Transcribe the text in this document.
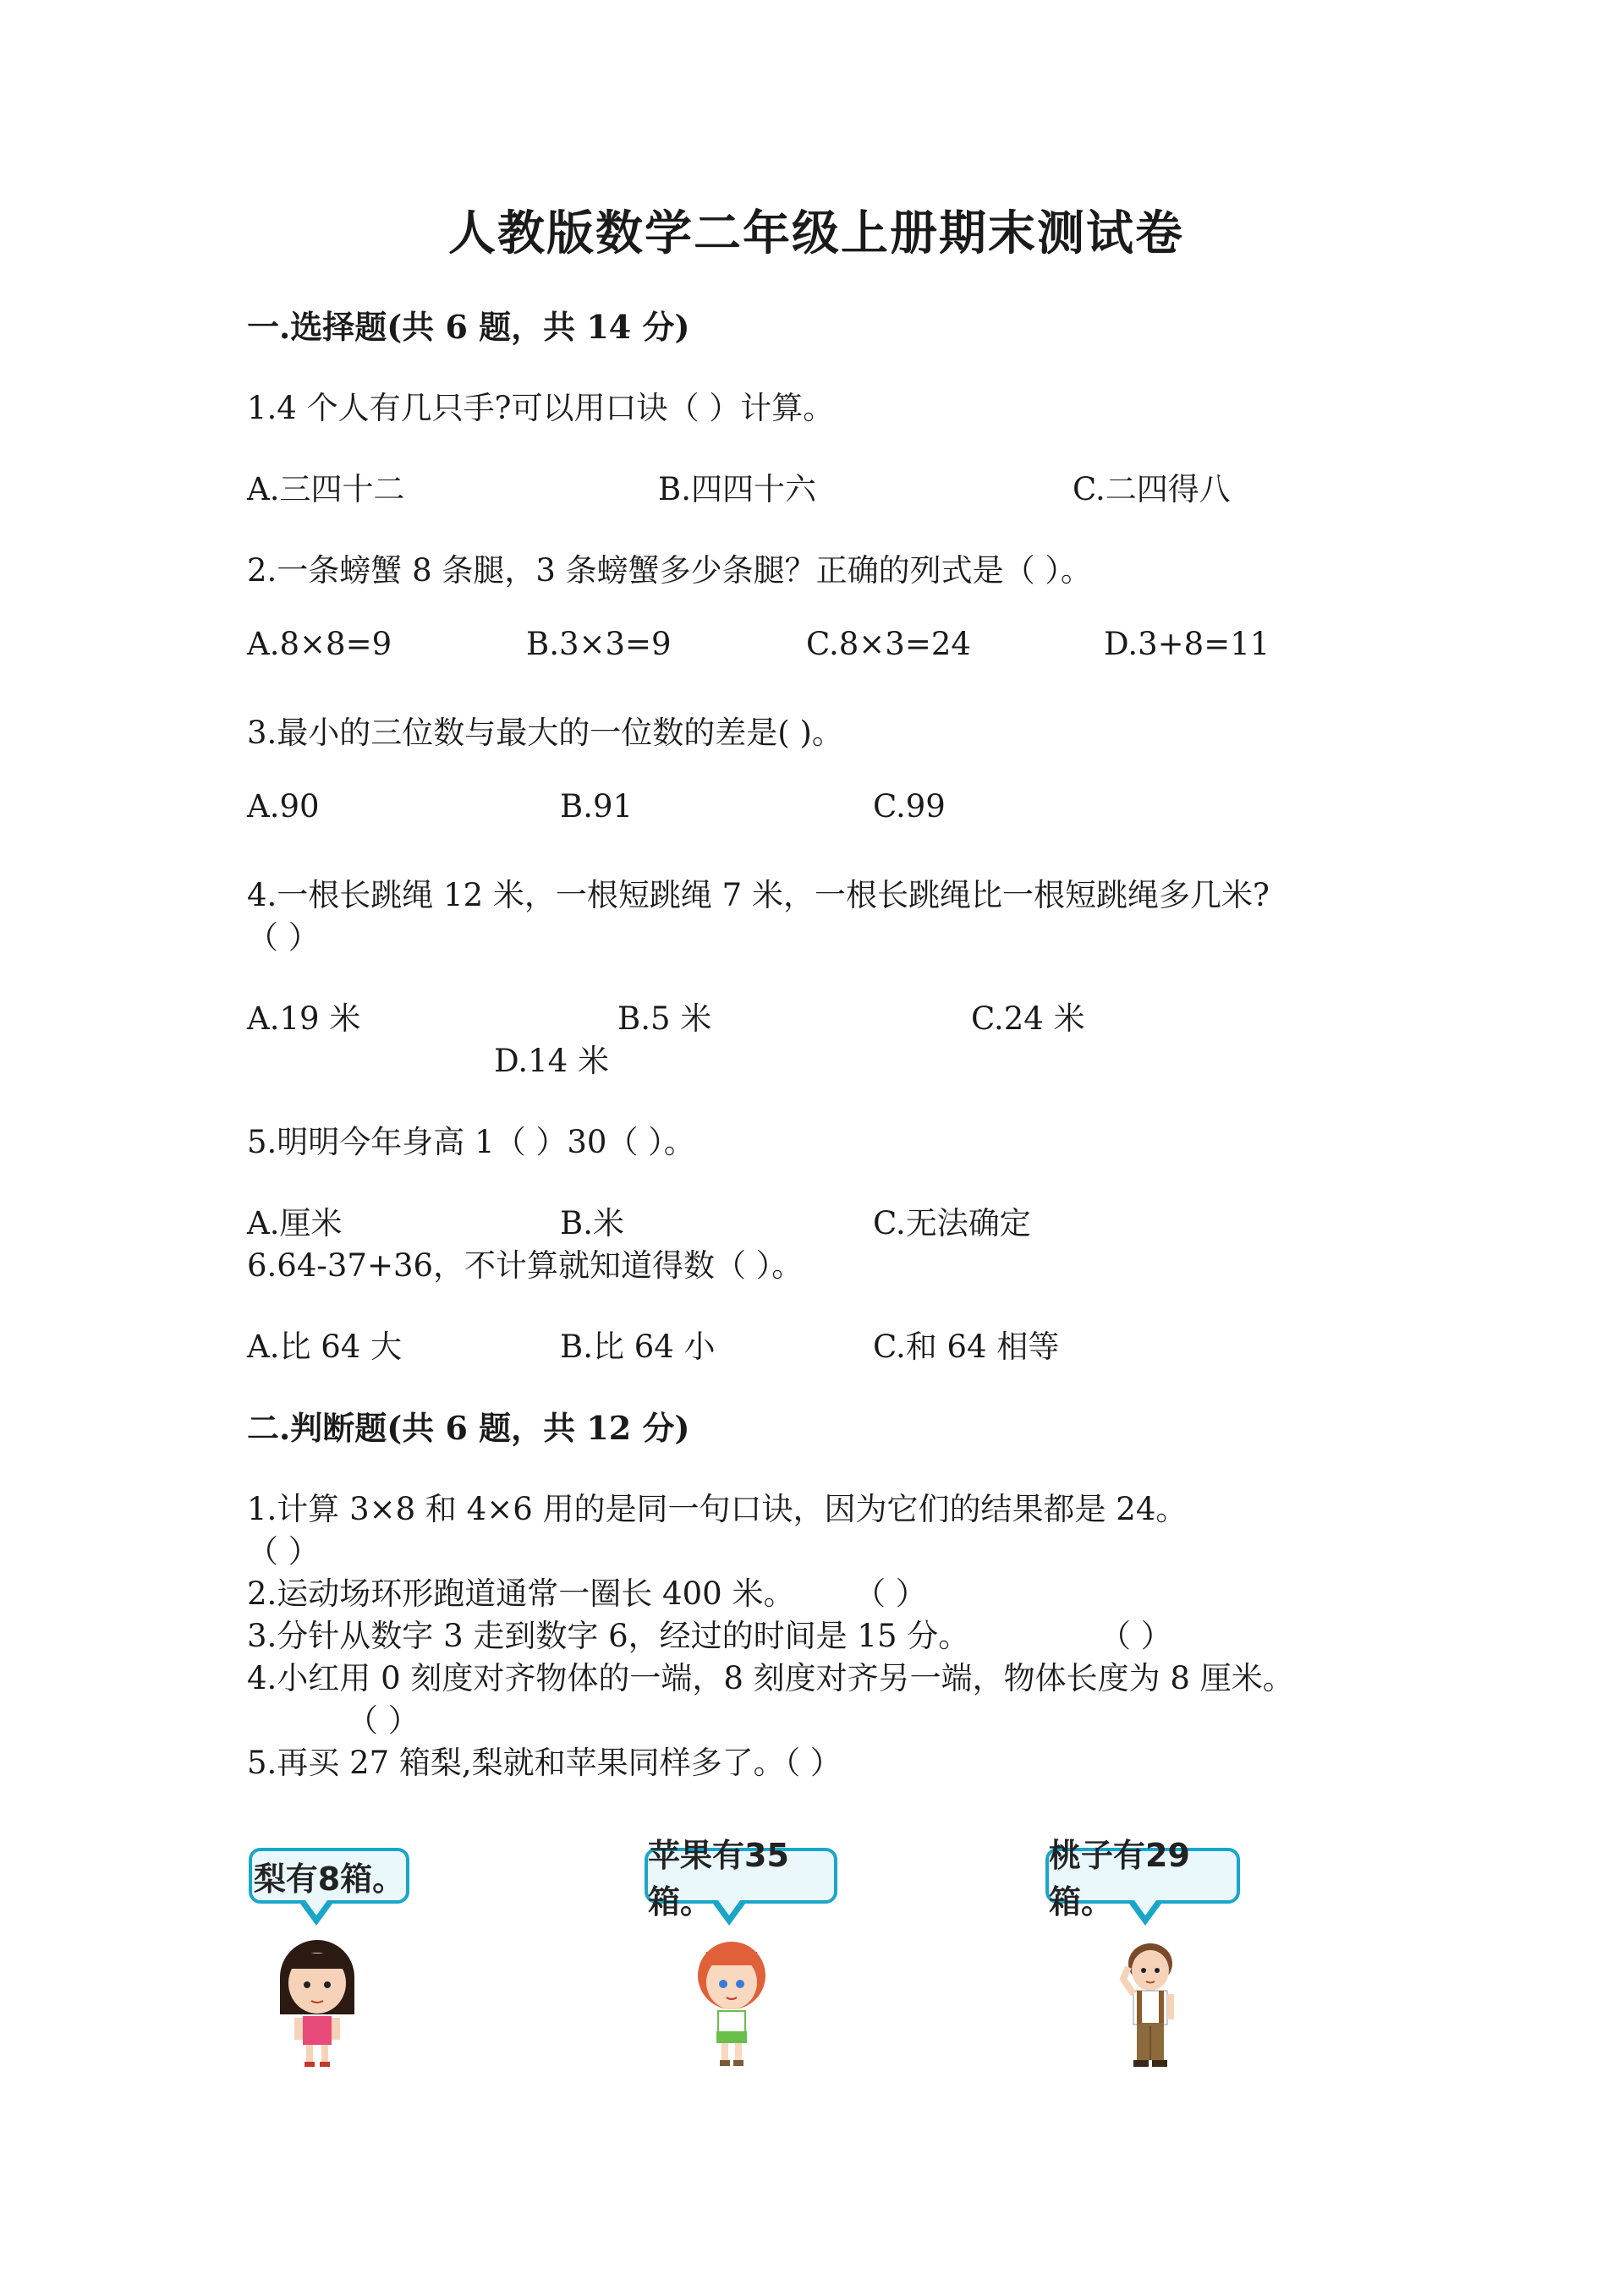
人教版数学二年级上册期末测试卷
一.选择题(共 6 题，共 14 分)
1.4 个人有几只手?可以用口诀（ ）计算。
A.三四十二	B.四四十六	C.二四得八
2.一条螃蟹 8 条腿，3 条螃蟹多少条腿？正确的列式是（ ）。
A.8×8=9	B.3×3=9	C.8×3=24	D.3+8=11
3.最小的三位数与最大的一位数的差是( )。
A.90	B.91	C.99
4.一根长跳绳 12 米，一根短跳绳 7 米，一根长跳绳比一根短跳绳多几米?
（ ）
A.19 米	B.5 米	C.24 米
D.14 米
5.明明今年身高 1（ ）30（ ）。
A.厘米	B.米	C.无法确定
6.64-37+36，不计算就知道得数（ ）。
A.比 64 大	B.比 64 小	C.和 64 相等
二.判断题(共 6 题，共 12 分)
1.计算 3×8 和 4×6 用的是同一句口诀，因为它们的结果都是 24。
（ ）
2.运动场环形跑道通常一圈长 400 米。 （ ）
3.分针从数字 3 走到数字 6，经过的时间是 15 分。	（ ）
4.小红用 0 刻度对齐物体的一端，8 刻度对齐另一端，物体长度为 8 厘米。
（ ）
5.再买 27 箱梨,梨就和苹果同样多了。（ ）
梨有8箱。
苹果有35箱。
桃子有29箱。
